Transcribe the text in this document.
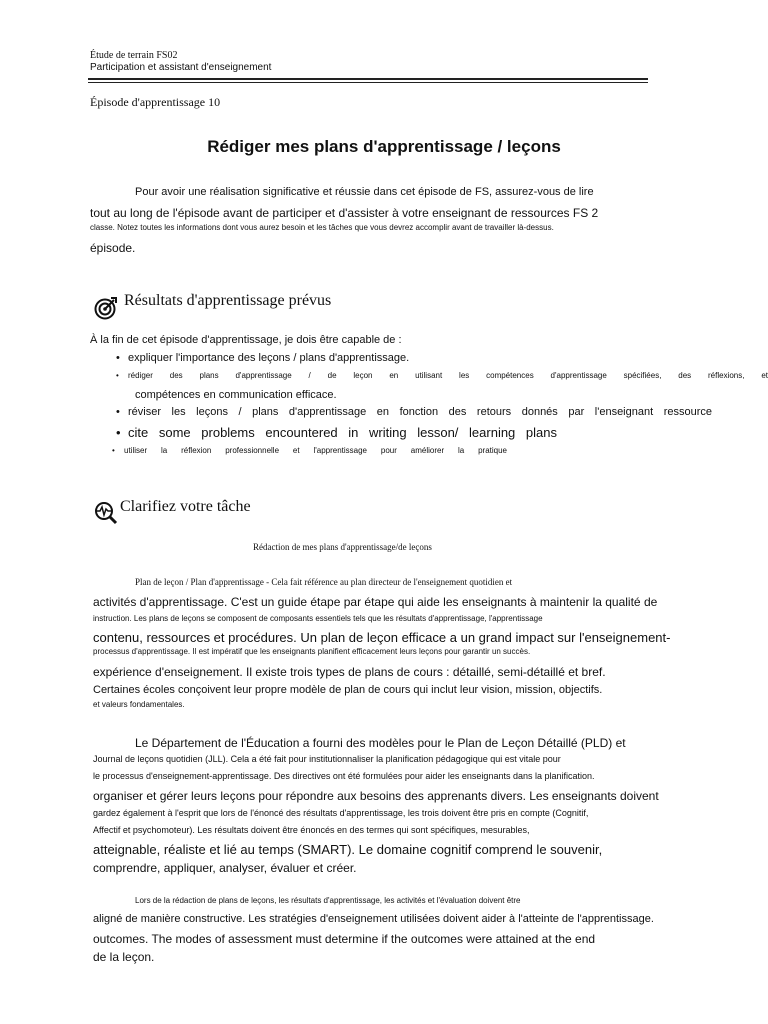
Étude de terrain FS02
Participation et assistant d'enseignement
Épisode d'apprentissage 10
Rédiger mes plans d'apprentissage / leçons
Pour avoir une réalisation significative et réussie dans cet épisode de FS, assurez-vous de lire
tout au long de l'épisode avant de participer et d'assister à votre enseignant de ressources FS 2
classe. Notez toutes les informations dont vous aurez besoin et les tâches que vous devrez accomplir avant de travailler là-dessus.
épisode.
Résultats d'apprentissage prévus
À la fin de cet épisode d'apprentissage, je dois être capable de :
• expliquer l'importance des leçons / plans d'apprentissage.
• rédiger des plans d'apprentissage / de leçon en utilisant les compétences d'apprentissage spécifiées, des réflexions, et
compétences en communication efficace.
• réviser les leçons / plans d'apprentissage en fonction des retours donnés par l'enseignant ressource
• cite some problems encountered in writing lesson/ learning plans
• utiliser la réflexion professionnelle et l'apprentissage pour améliorer la pratique
Clarifiez votre tâche
Rédaction de mes plans d'apprentissage/de leçons
Plan de leçon / Plan d'apprentissage - Cela fait référence au plan directeur de l'enseignement quotidien et
activités d'apprentissage. C'est un guide étape par étape qui aide les enseignants à maintenir la qualité de
instruction. Les plans de leçons se composent de composants essentiels tels que les résultats d'apprentissage, l'apprentissage
contenu, ressources et procédures. Un plan de leçon efficace a un grand impact sur l'enseignement-
processus d'apprentissage. Il est impératif que les enseignants planifient efficacement leurs leçons pour garantir un succès.
expérience d'enseignement. Il existe trois types de plans de cours : détaillé, semi-détaillé et bref.
Certaines écoles conçoivent leur propre modèle de plan de cours qui inclut leur vision, mission, objectifs.
et valeurs fondamentales.
Le Département de l'Éducation a fourni des modèles pour le Plan de Leçon Détaillé (PLD) et
Journal de leçons quotidien (JLL). Cela a été fait pour institutionnaliser la planification pédagogique qui est vitale pour
le processus d'enseignement-apprentissage. Des directives ont été formulées pour aider les enseignants dans la planification.
organiser et gérer leurs leçons pour répondre aux besoins des apprenants divers. Les enseignants doivent
gardez également à l'esprit que lors de l'énoncé des résultats d'apprentissage, les trois doivent être pris en compte (Cognitif,
Affectif et psychomoteur). Les résultats doivent être énoncés en des termes qui sont spécifiques, mesurables,
atteignable, réaliste et lié au temps (SMART). Le domaine cognitif comprend le souvenir,
comprendre, appliquer, analyser, évaluer et créer.
Lors de la rédaction de plans de leçons, les résultats d'apprentissage, les activités et l'évaluation doivent être
aligné de manière constructive. Les stratégies d'enseignement utilisées doivent aider à l'atteinte de l'apprentissage.
outcomes. The modes of assessment must determine if the outcomes were attained at the end
de la leçon.
